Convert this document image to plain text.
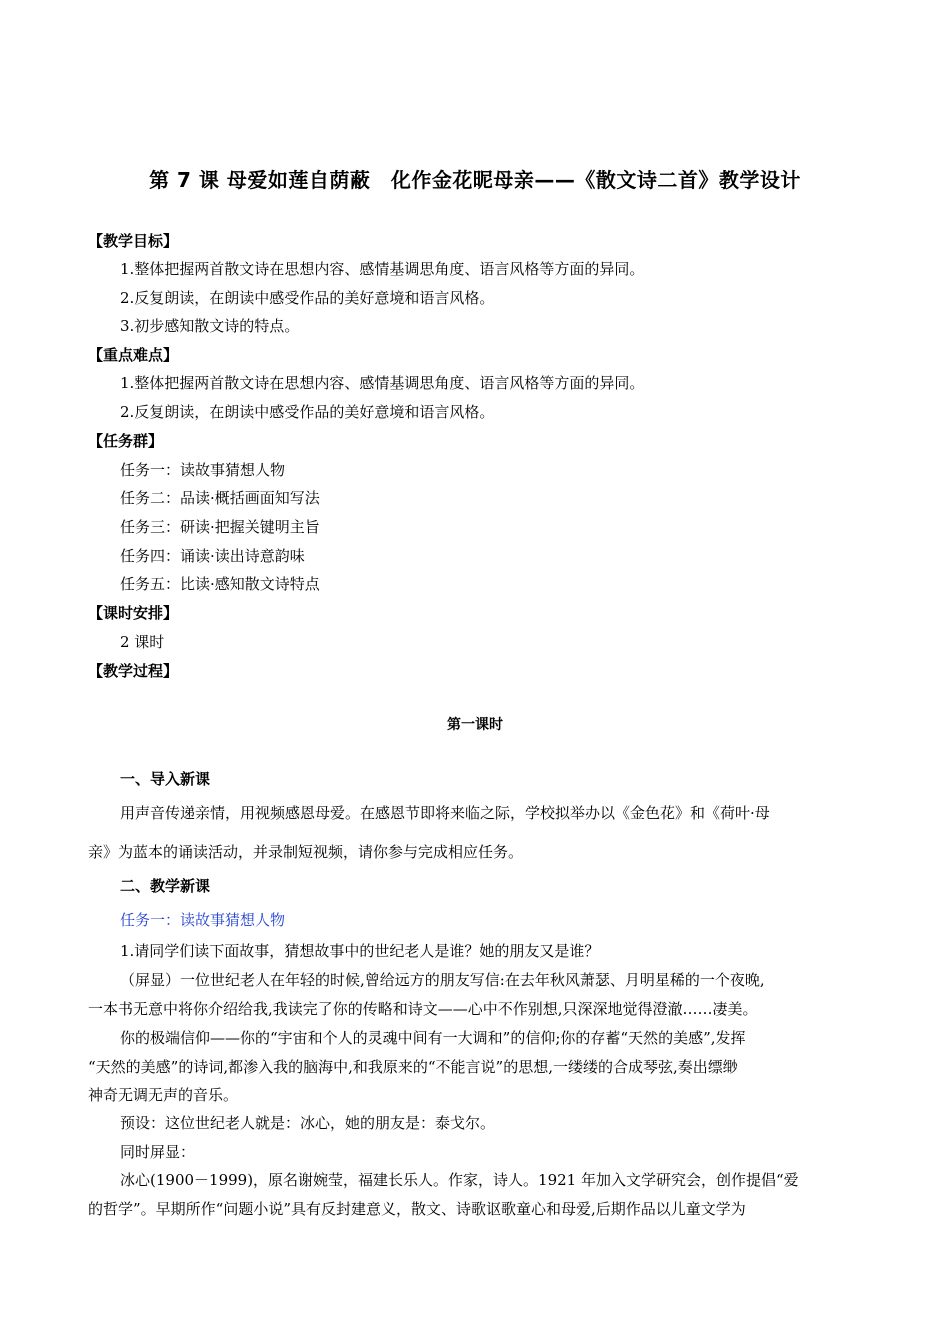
第 7 课 母爱如莲自荫蔽　化作金花昵母亲——《散文诗二首》教学设计
【教学目标】
1.整体把握两首散文诗在思想内容、感情基调思角度、语言风格等方面的异同。
2.反复朗读，在朗读中感受作品的美好意境和语言风格。
3.初步感知散文诗的特点。
【重点难点】
1.整体把握两首散文诗在思想内容、感情基调思角度、语言风格等方面的异同。
2.反复朗读，在朗读中感受作品的美好意境和语言风格。
【任务群】
任务一：读故事猜想人物
任务二：品读·概括画面知写法
任务三：研读·把握关键明主旨
任务四：诵读·读出诗意韵味
任务五：比读·感知散文诗特点
【课时安排】
2 课时
【教学过程】
第一课时
一、导入新课
用声音传递亲情，用视频感恩母爱。在感恩节即将来临之际，学校拟举办以《金色花》和《荷叶·母
亲》为蓝本的诵读活动，并录制短视频，请你参与完成相应任务。
二、教学新课
任务一：读故事猜想人物
1.请同学们读下面故事，猜想故事中的世纪老人是谁？她的朋友又是谁？
（屏显）一位世纪老人在年轻的时候,曾给远方的朋友写信:在去年秋风萧瑟、月明星稀的一个夜晚,
一本书无意中将你介绍给我,我读完了你的传略和诗文——心中不作别想,只深深地觉得澄澈……凄美。
你的极端信仰——你的“宇宙和个人的灵魂中间有一大调和”的信仰;你的存蓄“天然的美感”,发挥
“天然的美感”的诗词,都渗入我的脑海中,和我原来的“不能言说”的思想,一缕缕的合成琴弦,奏出缥缈
神奇无调无声的音乐。
预设：这位世纪老人就是：冰心，她的朋友是：泰戈尔。
同时屏显：
冰心(1900－1999)，原名谢婉莹，福建长乐人。作家，诗人。1921 年加入文学研究会，创作提倡“爱
的哲学”。早期所作“问题小说”具有反封建意义，散文、诗歌讴歌童心和母爱,后期作品以儿童文学为
